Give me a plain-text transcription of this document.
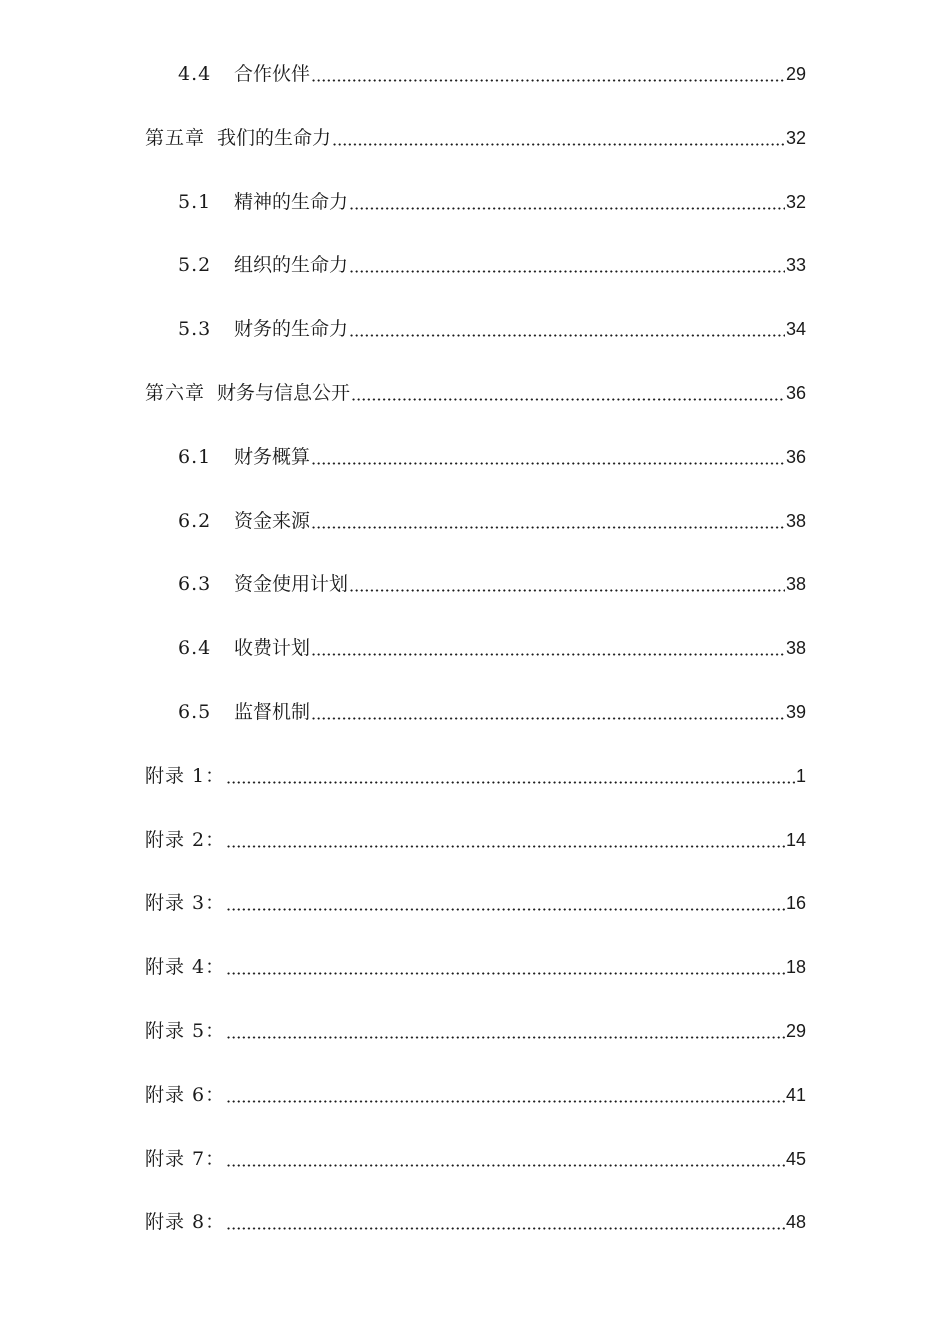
4.4	合作伙伴	29
第五章 我们的生命力	32
5.1	精神的生命力	32
5.2	组织的生命力	33
5.3	财务的生命力	34
第六章 财务与信息公开	36
6.1	财务概算	36
6.2	资金来源	38
6.3	资金使用计划	38
6.4	收费计划	38
6.5	监督机制	39
附录 1：	1
附录 2：	14
附录 3：	16
附录 4：	18
附录 5：	29
附录 6：	41
附录 7：	45
附录 8：	48
